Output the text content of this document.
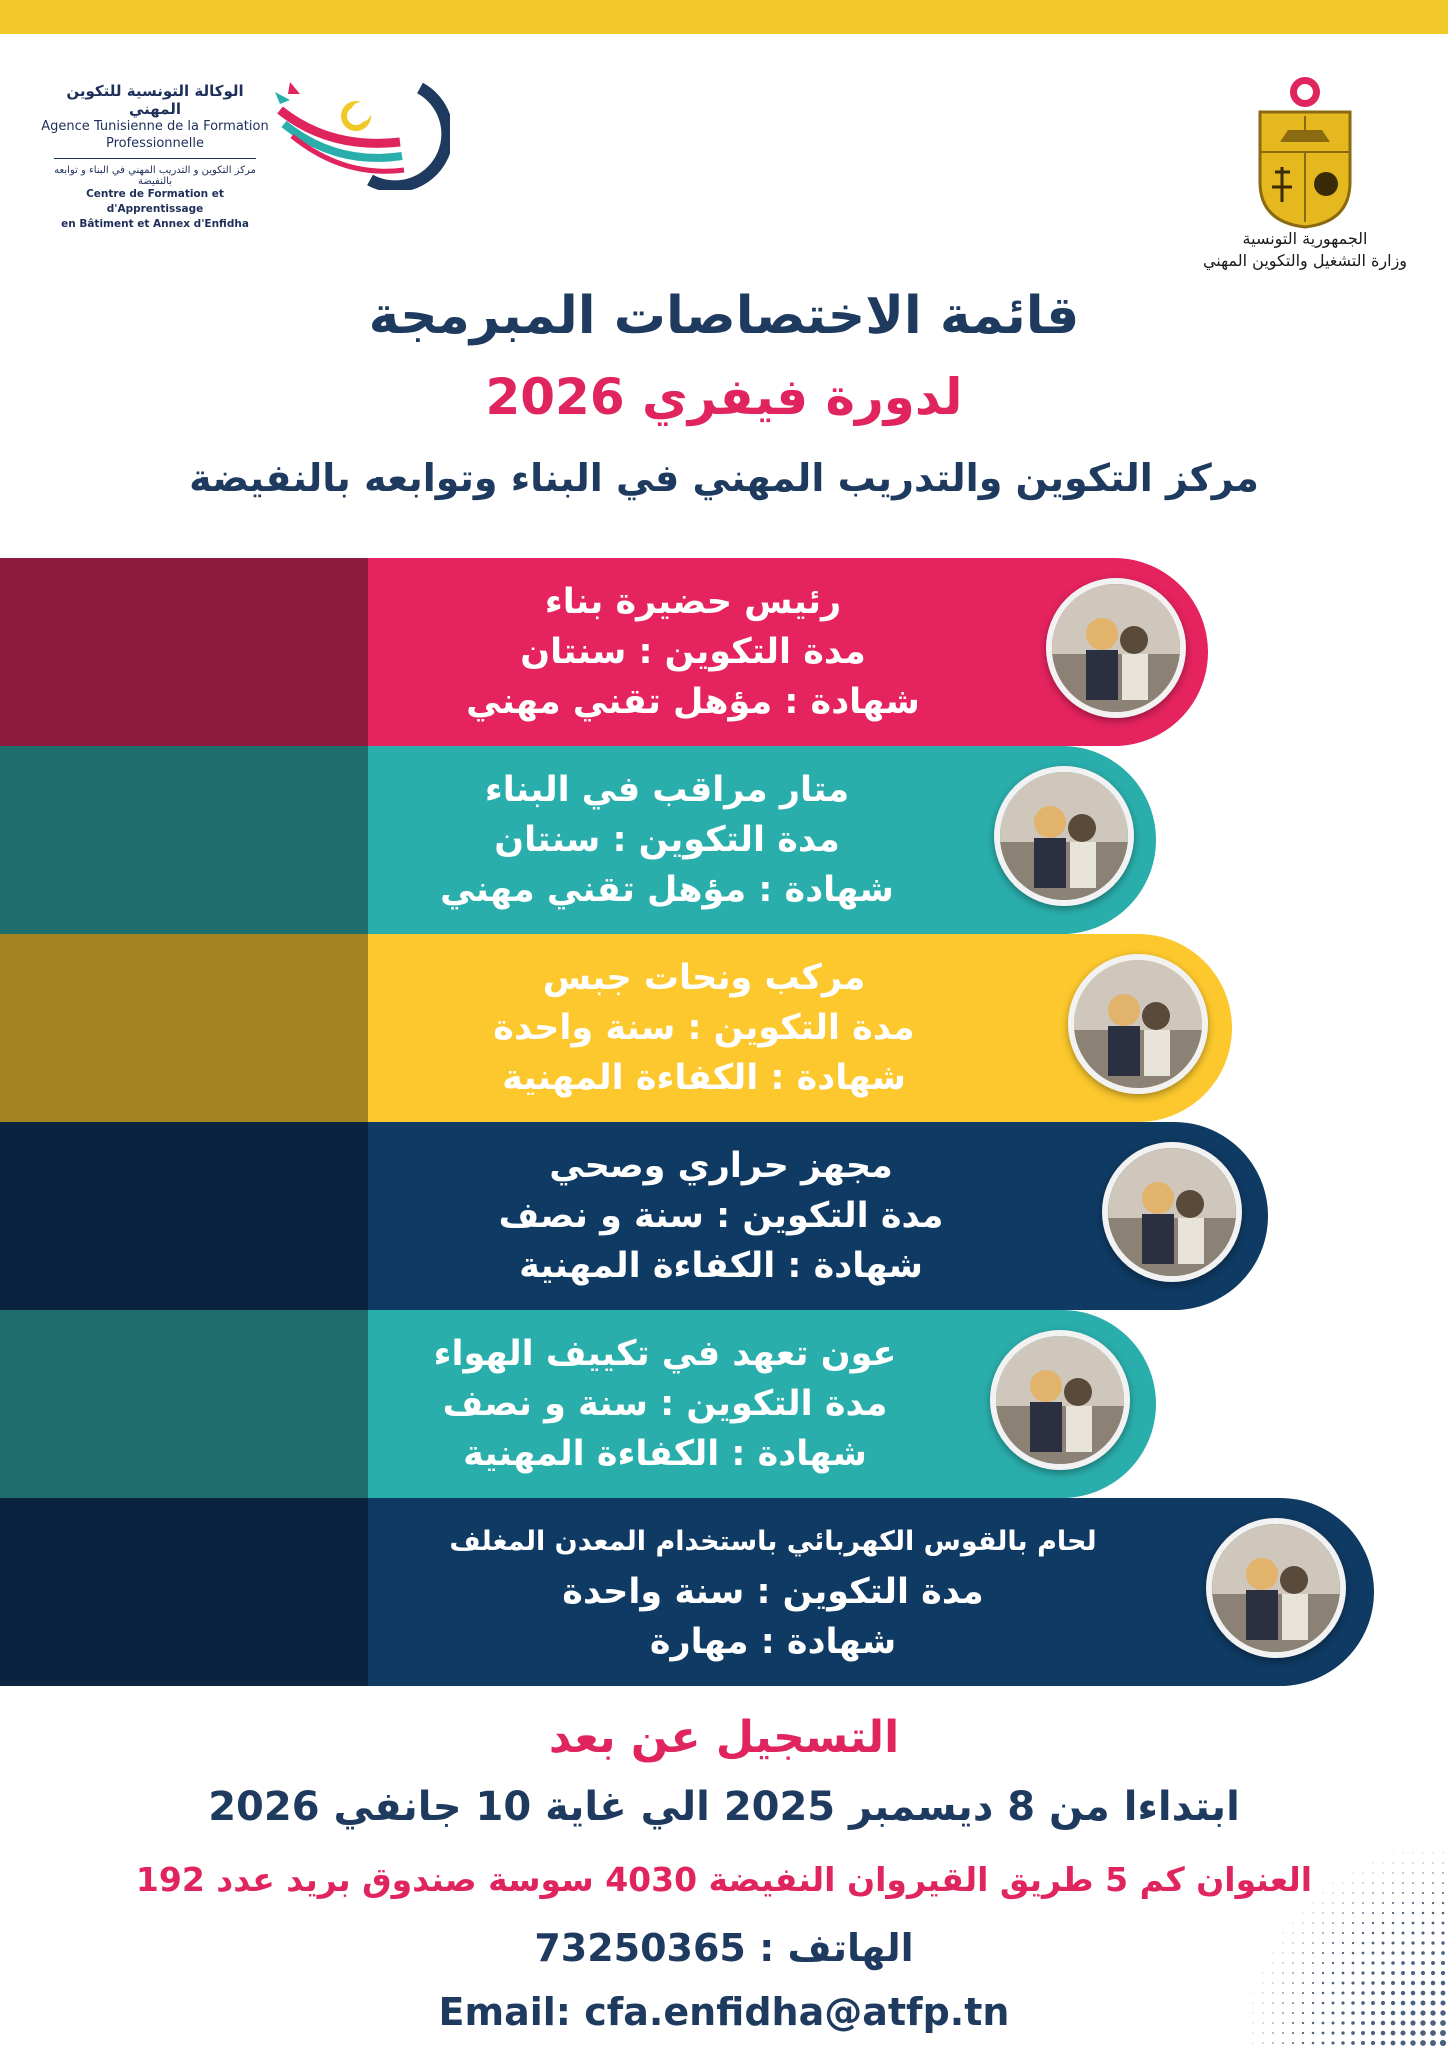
الوكالة التونسية للتكوين المهني
Agence Tunisienne de la Formation
Professionnelle
مركز التكوين و التدريب المهني في البناء و توابعه بالنفيضة
Centre de Formation et d'Apprentissage
en Bâtiment et Annex d'Enfidha
الجمهورية التونسية
وزارة التشغيل والتكوين المهني
قائمة الاختصاصات المبرمجة
لدورة فيفري 2026
مركز التكوين والتدريب المهني في البناء وتوابعه بالنفيضة
رئيس حضيرة بناء
مدة التكوين : سنتان
شهادة : مؤهل تقني مهني
متار مراقب في البناء
مدة التكوين : سنتان
شهادة : مؤهل تقني مهني
مركب ونحات جبس
مدة التكوين : سنة واحدة
شهادة : الكفاءة المهنية
مجهز حراري وصحي
مدة التكوين : سنة و نصف
شهادة : الكفاءة المهنية
عون تعهد في تكييف الهواء
مدة التكوين : سنة و نصف
شهادة : الكفاءة المهنية
لحام بالقوس الكهربائي باستخدام المعدن المغلف
مدة التكوين : سنة واحدة
شهادة : مهارة
التسجيل عن بعد
ابتداءا من 8 ديسمبر 2025 الي غاية 10 جانفي 2026
العنوان كم 5 طريق القيروان النفيضة 4030 سوسة صندوق بريد عدد 192
الهاتف : 73250365
Email: cfa.enfidha@atfp.tn
